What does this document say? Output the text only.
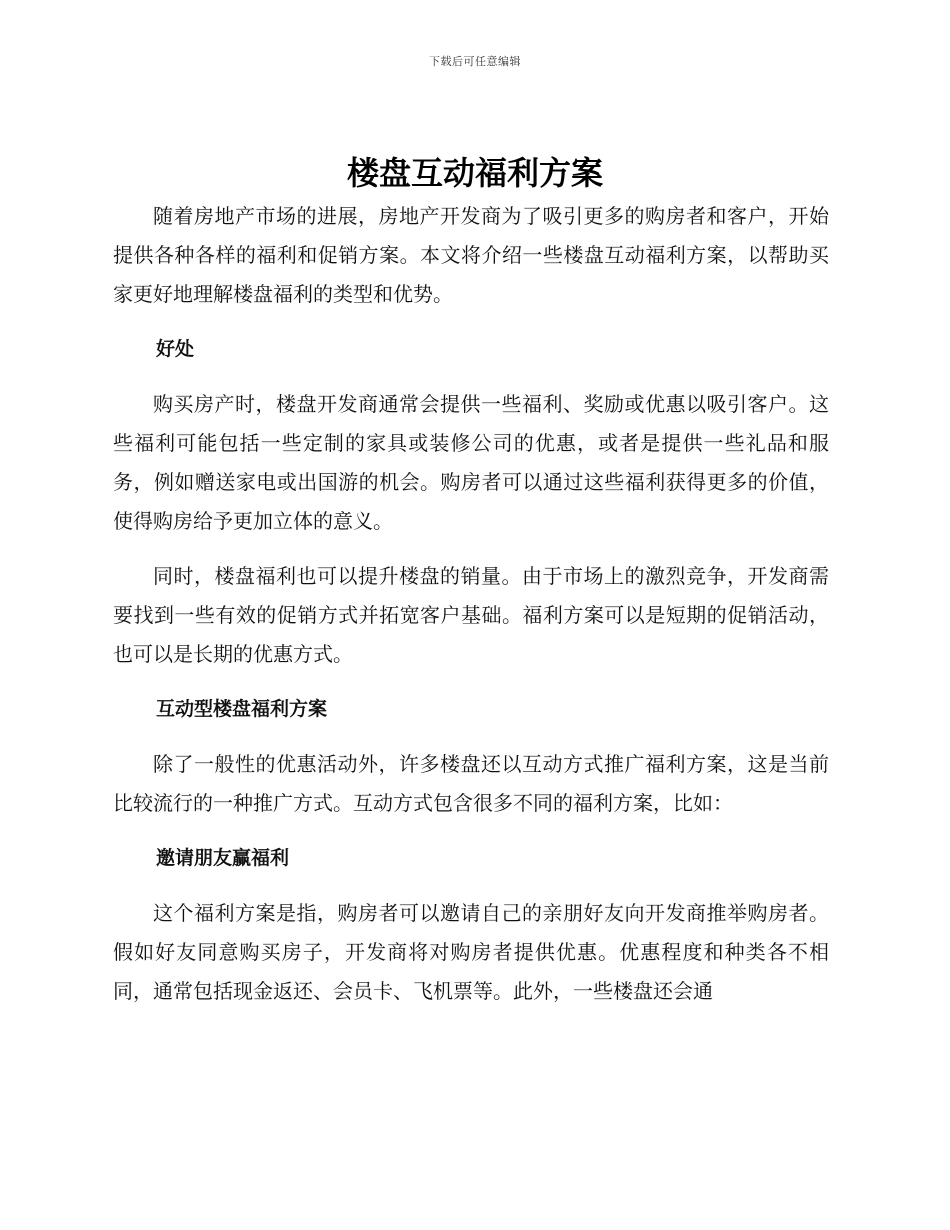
下载后可任意编辑
楼盘互动福利方案

随着房地产市场的进展，房地产开发商为了吸引更多的购房者和客户，开始提供各种各样的福利和促销方案。本文将介绍一些楼盘互动福利方案，以帮助买家更好地理解楼盘福利的类型和优势。

好处

购买房产时，楼盘开发商通常会提供一些福利、奖励或优惠以吸引客户。这些福利可能包括一些定制的家具或装修公司的优惠，或者是提供一些礼品和服务，例如赠送家电或出国游的机会。购房者可以通过这些福利获得更多的价值，使得购房给予更加立体的意义。

同时，楼盘福利也可以提升楼盘的销量。由于市场上的激烈竞争，开发商需要找到一些有效的促销方式并拓宽客户基础。福利方案可以是短期的促销活动，也可以是长期的优惠方式。

互动型楼盘福利方案

除了一般性的优惠活动外，许多楼盘还以互动方式推广福利方案，这是当前比较流行的一种推广方式。互动方式包含很多不同的福利方案，比如：

邀请朋友赢福利

这个福利方案是指，购房者可以邀请自己的亲朋好友向开发商推举购房者。假如好友同意购买房子，开发商将对购房者提供优惠。优惠程度和种类各不相同，通常包括现金返还、会员卡、飞机票等。此外，一些楼盘还会通
